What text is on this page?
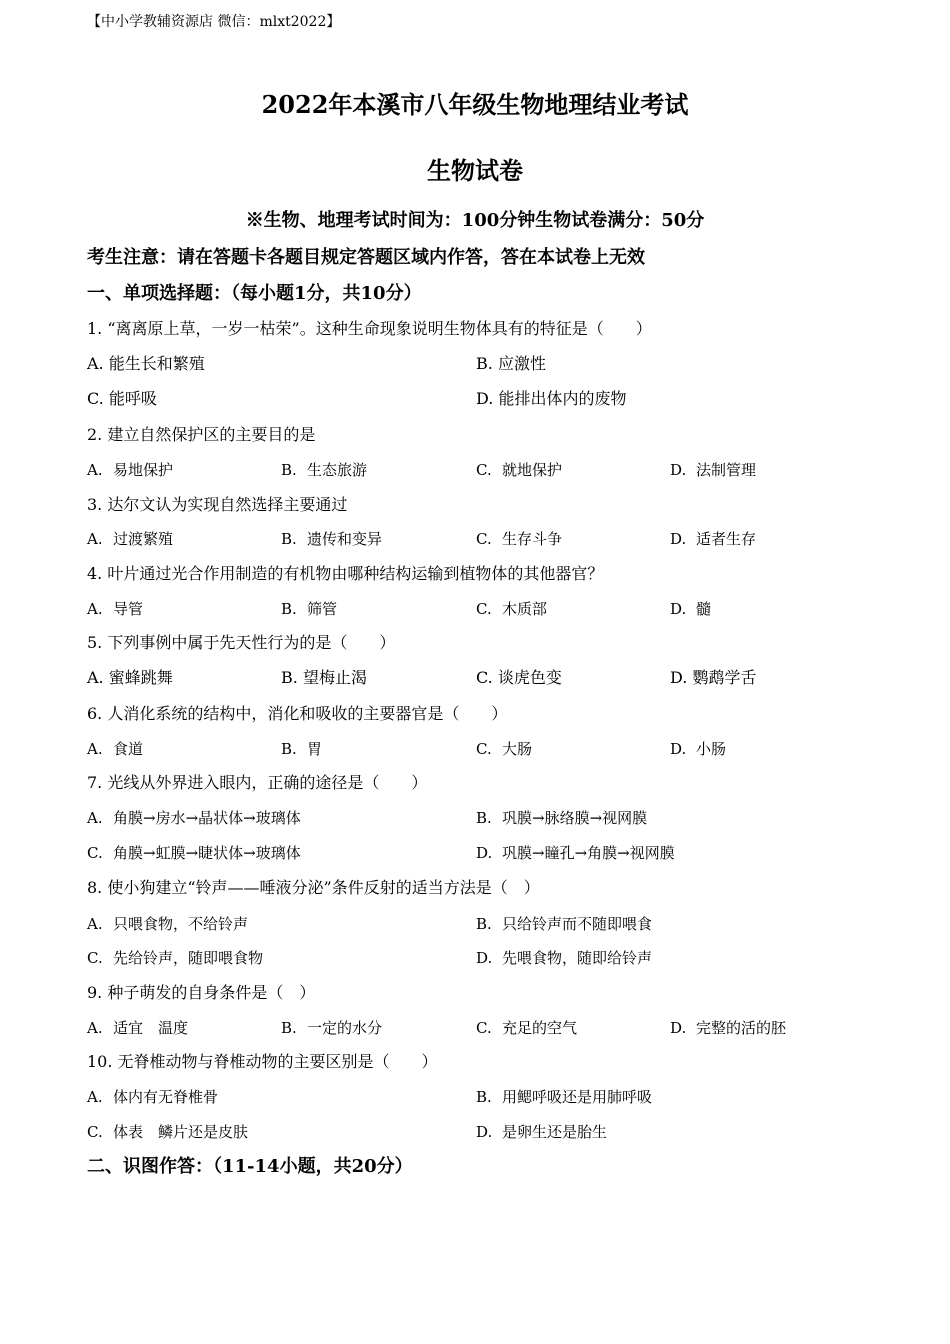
【中小学教辅资源店 微信：mlxt2022】
2022年本溪市八年级生物地理结业考试
生物试卷
※生物、地理考试时间为：100分钟生物试卷满分：50分
考生注意：请在答题卡各题目规定答题区域内作答，答在本试卷上无效
一、单项选择题：（每小题1分，共10分）
1. “离离原上草，一岁一枯荣”。这种生命现象说明生物体具有的特征是（　　）
A. 能生长和繁殖	B. 应激性
C. 能呼吸	D. 能排出体内的废物
2. 建立自然保护区的主要目的是
A. 易地保护	B. 生态旅游	C. 就地保护	D. 法制管理
3. 达尔文认为实现自然选择主要通过
A. 过渡繁殖	B. 遗传和变异	C. 生存斗争	D. 适者生存
4. 叶片通过光合作用制造的有机物由哪种结构运输到植物体的其他器官？
A. 导管	B. 筛管	C. 木质部	D. 髓
5. 下列事例中属于先天性行为的是（　　）
A. 蜜蜂跳舞	B. 望梅止渴	C. 谈虎色变	D. 鹦鹉学舌
6. 人消化系统的结构中，消化和吸收的主要器官是（　　）
A. 食道	B. 胃	C. 大肠	D. 小肠
7. 光线从外界进入眼内，正确的途径是（　　）
A. 角膜→房水→晶状体→玻璃体	B. 巩膜→脉络膜→视网膜
C. 角膜→虹膜→睫状体→玻璃体	D. 巩膜→瞳孔→角膜→视网膜
8. 使小狗建立“铃声——唾液分泌”条件反射的适当方法是（　）
A. 只喂食物，不给铃声	B. 只给铃声而不随即喂食
C. 先给铃声，随即喂食物	D. 先喂食物，随即给铃声
9. 种子萌发的自身条件是（　）
A. 适宜　温度	B. 一定的水分	C. 充足的空气	D. 完整的活的胚
10. 无脊椎动物与脊椎动物的主要区别是（　　）
A. 体内有无脊椎骨	B. 用鳃呼吸还是用肺呼吸
C. 体表　鳞片还是皮肤	D. 是卵生还是胎生
二、识图作答：（11-14小题，共20分）
